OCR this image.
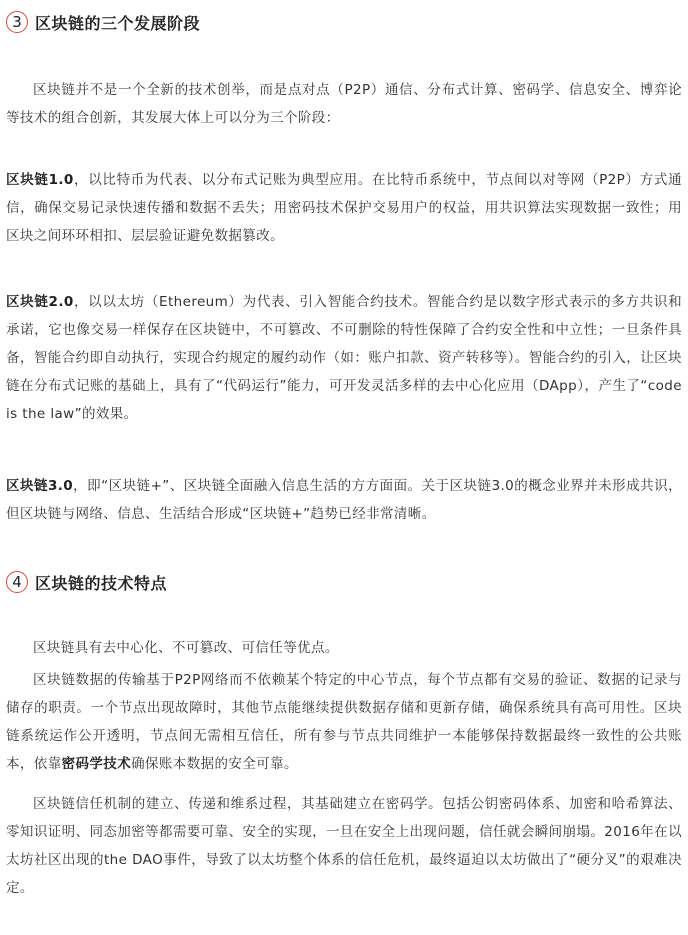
3 区块链的三个发展阶段

区块链并不是一个全新的技术创举，而是点对点（P2P）通信、分布式计算、密码学、信息安全、博弈论等技术的组合创新，其发展大体上可以分为三个阶段：

区块链1.0，以比特币为代表、以分布式记账为典型应用。在比特币系统中，节点间以对等网（P2P）方式通信，确保交易记录快速传播和数据不丢失；用密码技术保护交易用户的权益，用共识算法实现数据一致性；用区块之间环环相扣、层层验证避免数据篡改。

区块链2.0，以以太坊（Ethereum）为代表、引入智能合约技术。智能合约是以数字形式表示的多方共识和承诺，它也像交易一样保存在区块链中，不可篡改、不可删除的特性保障了合约安全性和中立性；一旦条件具备，智能合约即自动执行，实现合约规定的履约动作（如：账户扣款、资产转移等）。智能合约的引入，让区块链在分布式记账的基础上，具有了“代码运行”能力，可开发灵活多样的去中心化应用（DApp），产生了“code is the law”的效果。

区块链3.0，即“区块链+”、区块链全面融入信息生活的方方面面。关于区块链3.0的概念业界并未形成共识，但区块链与网络、信息、生活结合形成“区块链+”趋势已经非常清晰。

4 区块链的技术特点

区块链具有去中心化、不可篡改、可信任等优点。

区块链数据的传输基于P2P网络而不依赖某个特定的中心节点，每个节点都有交易的验证、数据的记录与储存的职责。一个节点出现故障时，其他节点能继续提供数据存储和更新存储，确保系统具有高可用性。区块链系统运作公开透明，节点间无需相互信任，所有参与节点共同维护一本能够保持数据最终一致性的公共账本，依靠密码学技术确保账本数据的安全可靠。

区块链信任机制的建立、传递和维系过程，其基础建立在密码学。包括公钥密码体系、加密和哈希算法、零知识证明、同态加密等都需要可靠、安全的实现，一旦在安全上出现问题，信任就会瞬间崩塌。2016年在以太坊社区出现的the DAO事件，导致了以太坊整个体系的信任危机，最终逼迫以太坊做出了“硬分叉”的艰难决定。
